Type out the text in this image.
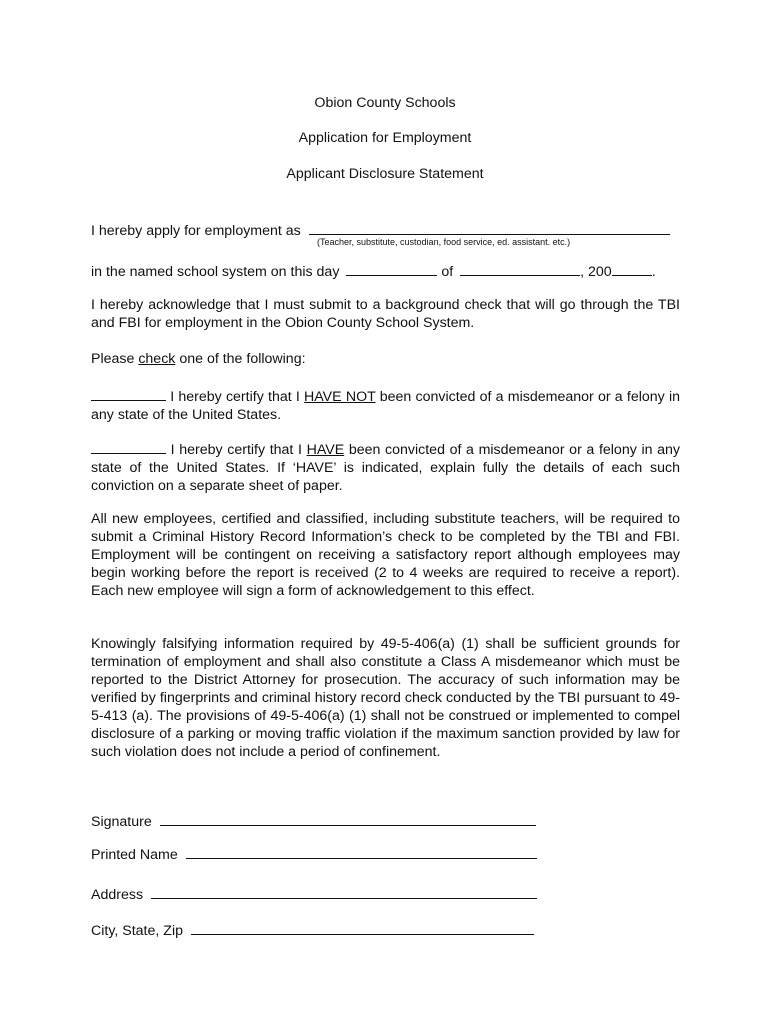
Obion County Schools
Application for Employment
Applicant Disclosure Statement
I hereby apply for employment as
(Teacher, substitute, custodian, food service, ed. assistant. etc.)
in the named school system on this day	of	, 200	.
I hereby acknowledge that I must submit to a background check that will go through the TBI and FBI for employment in the Obion County School System.
Please check one of the following:
I hereby certify that I HAVE NOT been convicted of a misdemeanor or a felony in any state of the United States.
I hereby certify that I HAVE been convicted of a misdemeanor or a felony in any state of the United States. If ‘HAVE’ is indicated, explain fully the details of each such conviction on a separate sheet of paper.
All new employees, certified and classified, including substitute teachers, will be required to submit a Criminal History Record Information’s check to be completed by the TBI and FBI. Employment will be contingent on receiving a satisfactory report although employees may begin working before the report is received (2 to 4 weeks are required to receive a report). Each new employee will sign a form of acknowledgement to this effect.
Knowingly falsifying information required by 49-5-406(a) (1) shall be sufficient grounds for termination of employment and shall also constitute a Class A misdemeanor which must be reported to the District Attorney for prosecution. The accuracy of such information may be verified by fingerprints and criminal history record check conducted by the TBI pursuant to 49-5-413 (a). The provisions of 49-5-406(a) (1) shall not be construed or implemented to compel disclosure of a parking or moving traffic violation if the maximum sanction provided by law for such violation does not include a period of confinement.
Signature
Printed Name
Address
City, State, Zip
